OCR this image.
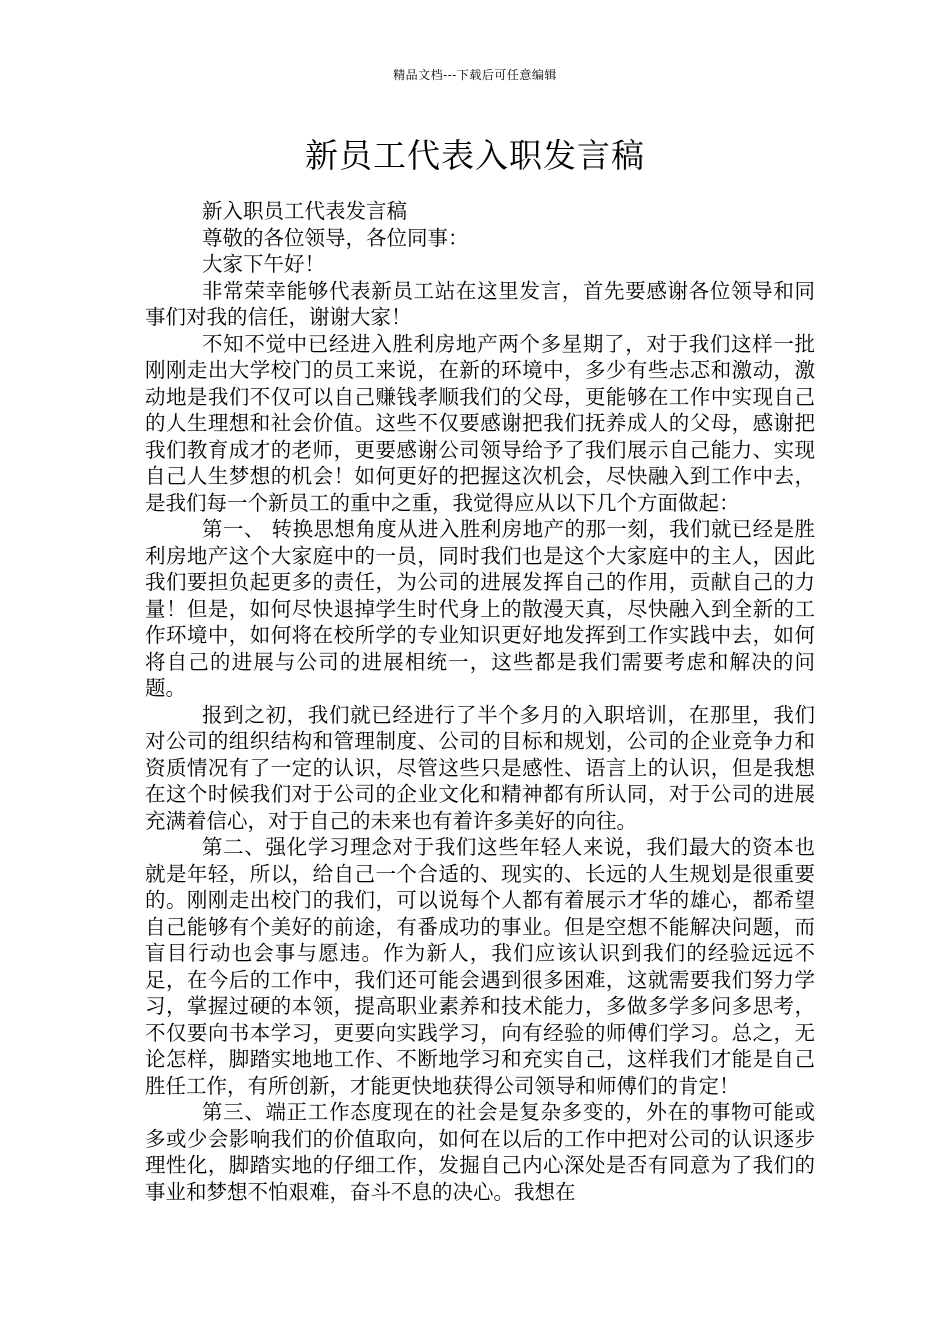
精品文档---下载后可任意编辑
新员工代表入职发言稿

新入职员工代表发言稿

尊敬的各位领导，各位同事：

大家下午好！

非常荣幸能够代表新员工站在这里发言，首先要感谢各位领导和同事们对我的信任，谢谢大家！

不知不觉中已经进入胜利房地产两个多星期了，对于我们这样一批刚刚走出大学校门的员工来说，在新的环境中，多少有些忐忑和激动，激动地是我们不仅可以自己赚钱孝顺我们的父母，更能够在工作中实现自己的人生理想和社会价值。这些不仅要感谢把我们抚养成人的父母，感谢把我们教育成才的老师，更要感谢公司领导给予了我们展示自己能力、实现自己人生梦想的机会！如何更好的把握这次机会，尽快融入到工作中去，是我们每一个新员工的重中之重，我觉得应从以下几个方面做起：

第一、 转换思想角度从进入胜利房地产的那一刻，我们就已经是胜利房地产这个大家庭中的一员，同时我们也是这个大家庭中的主人，因此我们要担负起更多的责任，为公司的进展发挥自己的作用，贡献自己的力量！但是，如何尽快退掉学生时代身上的散漫天真，尽快融入到全新的工作环境中，如何将在校所学的专业知识更好地发挥到工作实践中去，如何将自己的进展与公司的进展相统一，这些都是我们需要考虑和解决的问题。

报到之初，我们就已经进行了半个多月的入职培训，在那里，我们对公司的组织结构和管理制度、公司的目标和规划，公司的企业竞争力和资质情况有了一定的认识，尽管这些只是感性、语言上的认识，但是我想在这个时候我们对于公司的企业文化和精神都有所认同，对于公司的进展充满着信心，对于自己的未来也有着许多美好的向往。

第二、强化学习理念对于我们这些年轻人来说，我们最大的资本也就是年轻，所以，给自己一个合适的、现实的、长远的人生规划是很重要的。刚刚走出校门的我们，可以说每个人都有着展示才华的雄心，都希望自己能够有个美好的前途，有番成功的事业。但是空想不能解决问题，而盲目行动也会事与愿违。作为新人，我们应该认识到我们的经验远远不足，在今后的工作中，我们还可能会遇到很多困难，这就需要我们努力学习，掌握过硬的本领，提高职业素养和技术能力，多做多学多问多思考，不仅要向书本学习，更要向实践学习，向有经验的师傅们学习。总之，无论怎样，脚踏实地地工作、不断地学习和充实自己，这样我们才能是自己胜任工作，有所创新，才能更快地获得公司领导和师傅们的肯定！

第三、端正工作态度现在的社会是复杂多变的，外在的事物可能或多或少会影响我们的价值取向，如何在以后的工作中把对公司的认识逐步理性化，脚踏实地的仔细工作，发掘自己内心深处是否有同意为了我们的事业和梦想不怕艰难，奋斗不息的决心。我想在
